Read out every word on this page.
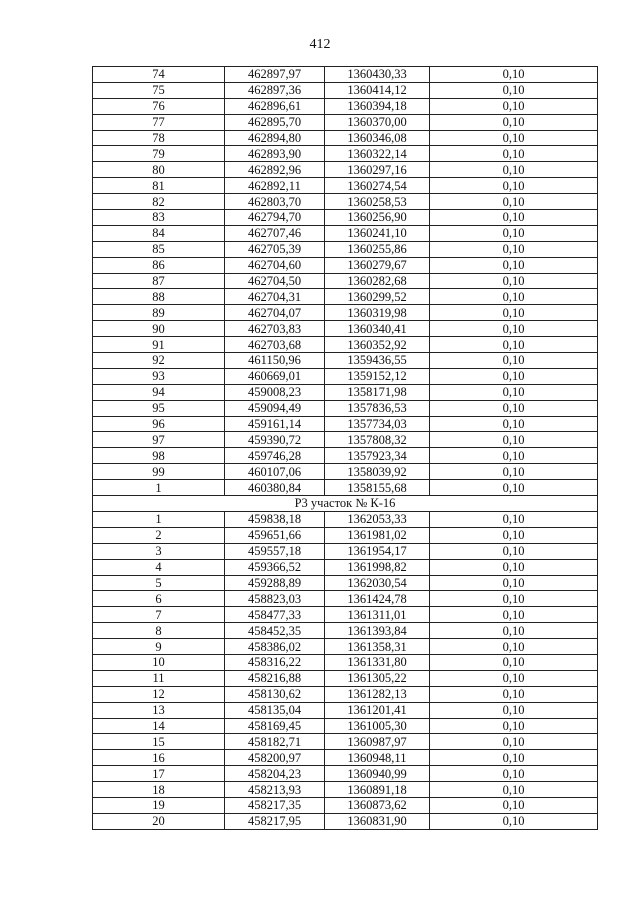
412
74	462897,97	1360430,33	0,10
75	462897,36	1360414,12	0,10
76	462896,61	1360394,18	0,10
77	462895,70	1360370,00	0,10
78	462894,80	1360346,08	0,10
79	462893,90	1360322,14	0,10
80	462892,96	1360297,16	0,10
81	462892,11	1360274,54	0,10
82	462803,70	1360258,53	0,10
83	462794,70	1360256,90	0,10
84	462707,46	1360241,10	0,10
85	462705,39	1360255,86	0,10
86	462704,60	1360279,67	0,10
87	462704,50	1360282,68	0,10
88	462704,31	1360299,52	0,10
89	462704,07	1360319,98	0,10
90	462703,83	1360340,41	0,10
91	462703,68	1360352,92	0,10
92	461150,96	1359436,55	0,10
93	460669,01	1359152,12	0,10
94	459008,23	1358171,98	0,10
95	459094,49	1357836,53	0,10
96	459161,14	1357734,03	0,10
97	459390,72	1357808,32	0,10
98	459746,28	1357923,34	0,10
99	460107,06	1358039,92	0,10
1	460380,84	1358155,68	0,10
Р3 участок № К-16			
1	459838,18	1362053,33	0,10
2	459651,66	1361981,02	0,10
3	459557,18	1361954,17	0,10
4	459366,52	1361998,82	0,10
5	459288,89	1362030,54	0,10
6	458823,03	1361424,78	0,10
7	458477,33	1361311,01	0,10
8	458452,35	1361393,84	0,10
9	458386,02	1361358,31	0,10
10	458316,22	1361331,80	0,10
11	458216,88	1361305,22	0,10
12	458130,62	1361282,13	0,10
13	458135,04	1361201,41	0,10
14	458169,45	1361005,30	0,10
15	458182,71	1360987,97	0,10
16	458200,97	1360948,11	0,10
17	458204,23	1360940,99	0,10
18	458213,93	1360891,18	0,10
19	458217,35	1360873,62	0,10
20	458217,95	1360831,90	0,10
